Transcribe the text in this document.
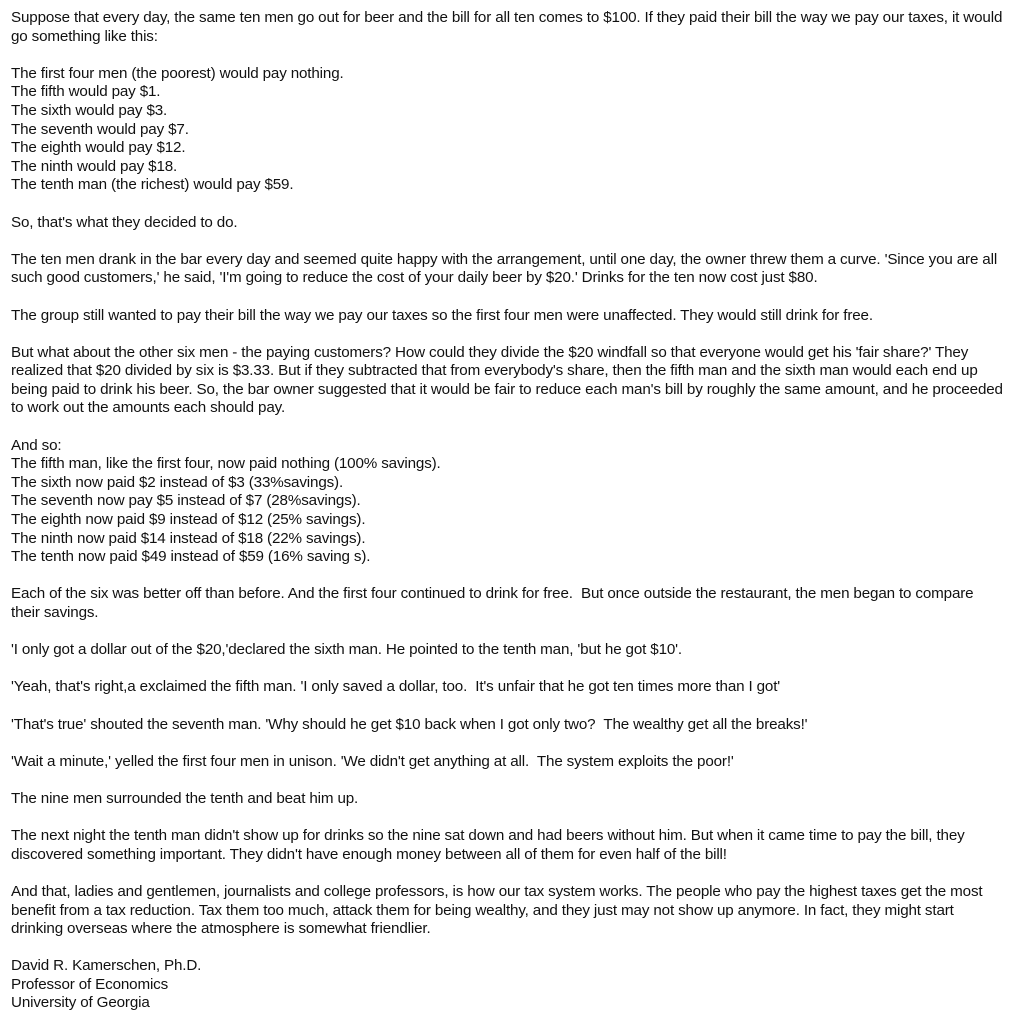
Suppose that every day, the same ten men go out for beer and the bill for all ten comes to $100. If they paid their bill the way we pay our taxes, it would go something like this:
The first four men (the poorest) would pay nothing.
The fifth would pay $1.
The sixth would pay $3.
The seventh would pay $7.
The eighth would pay $12.
The ninth would pay $18.
The tenth man (the richest) would pay $59.
So, that's what they decided to do.
The ten men drank in the bar every day and seemed quite happy with the arrangement, until one day, the owner threw them a curve. 'Since you are all such good customers,' he said, 'I'm going to reduce the cost of your daily beer by $20.' Drinks for the ten now cost just $80.
The group still wanted to pay their bill the way we pay our taxes so the first four men were unaffected. They would still drink for free.
But what about the other six men - the paying customers? How could they divide the $20 windfall so that everyone would get his 'fair share?' They realized that $20 divided by six is $3.33. But if they subtracted that from everybody's share, then the fifth man and the sixth man would each end up being paid to drink his beer. So, the bar owner suggested that it would be fair to reduce each man's bill by roughly the same amount, and he proceeded to work out the amounts each should pay.
And so:
The fifth man, like the first four, now paid nothing (100% savings).
The sixth now paid $2 instead of $3 (33%savings).
The seventh now pay $5 instead of $7 (28%savings).
The eighth now paid $9 instead of $12 (25% savings).
The ninth now paid $14 instead of $18 (22% savings).
The tenth now paid $49 instead of $59 (16% saving s).
Each of the six was better off than before. And the first four continued to drink for free.  But once outside the restaurant, the men began to compare their savings.
'I only got a dollar out of the $20,'declared the sixth man. He pointed to the tenth man, 'but he got $10'.
'Yeah, that's right,a exclaimed the fifth man. 'I only saved a dollar, too.  It's unfair that he got ten times more than I got'
'That's true' shouted the seventh man. 'Why should he get $10 back when I got only two?  The wealthy get all the breaks!'
'Wait a minute,' yelled the first four men in unison. 'We didn't get anything at all.  The system exploits the poor!'
The nine men surrounded the tenth and beat him up.
The next night the tenth man didn't show up for drinks so the nine sat down and had beers without him. But when it came time to pay the bill, they discovered something important. They didn't have enough money between all of them for even half of the bill!
And that, ladies and gentlemen, journalists and college professors, is how our tax system works. The people who pay the highest taxes get the most benefit from a tax reduction. Tax them too much, attack them for being wealthy, and they just may not show up anymore. In fact, they might start drinking overseas where the atmosphere is somewhat friendlier.
David R. Kamerschen, Ph.D.
Professor of Economics
University of Georgia
